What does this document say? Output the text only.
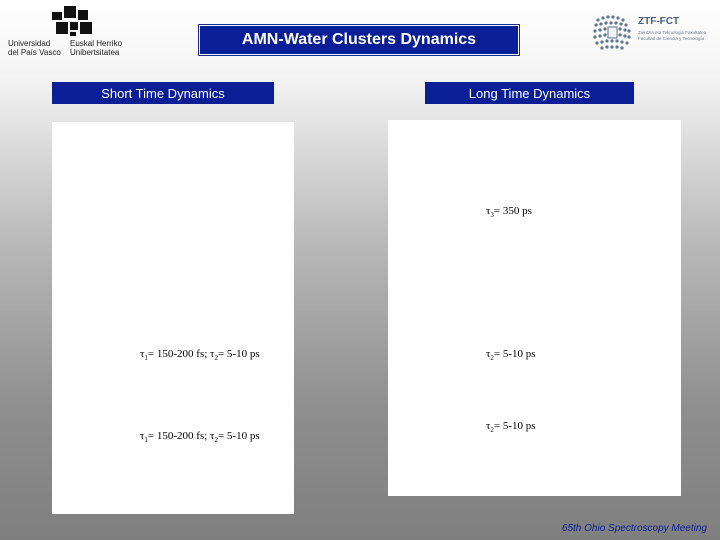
Universidad
del País Vasco
Euskal Herriko
Unibertsitatea
ZTF-FCT
Zientzia eta Teknologia Fakultatea
Facultad de Ciencia y Tecnología
AMN-Water Clusters Dynamics
Short Time Dynamics	Long Time Dynamics
$\tau_1= 150-200$ fs; $\tau_2= 5-10$ ps
$\tau_1= 150-200$ fs; $\tau_2= 5-10$ ps
$\tau_3= 350$ ps
$\tau_2= 5-10$ ps
$\tau_2= 5-10$ ps
65th Ohio Spectroscopy Meeting
